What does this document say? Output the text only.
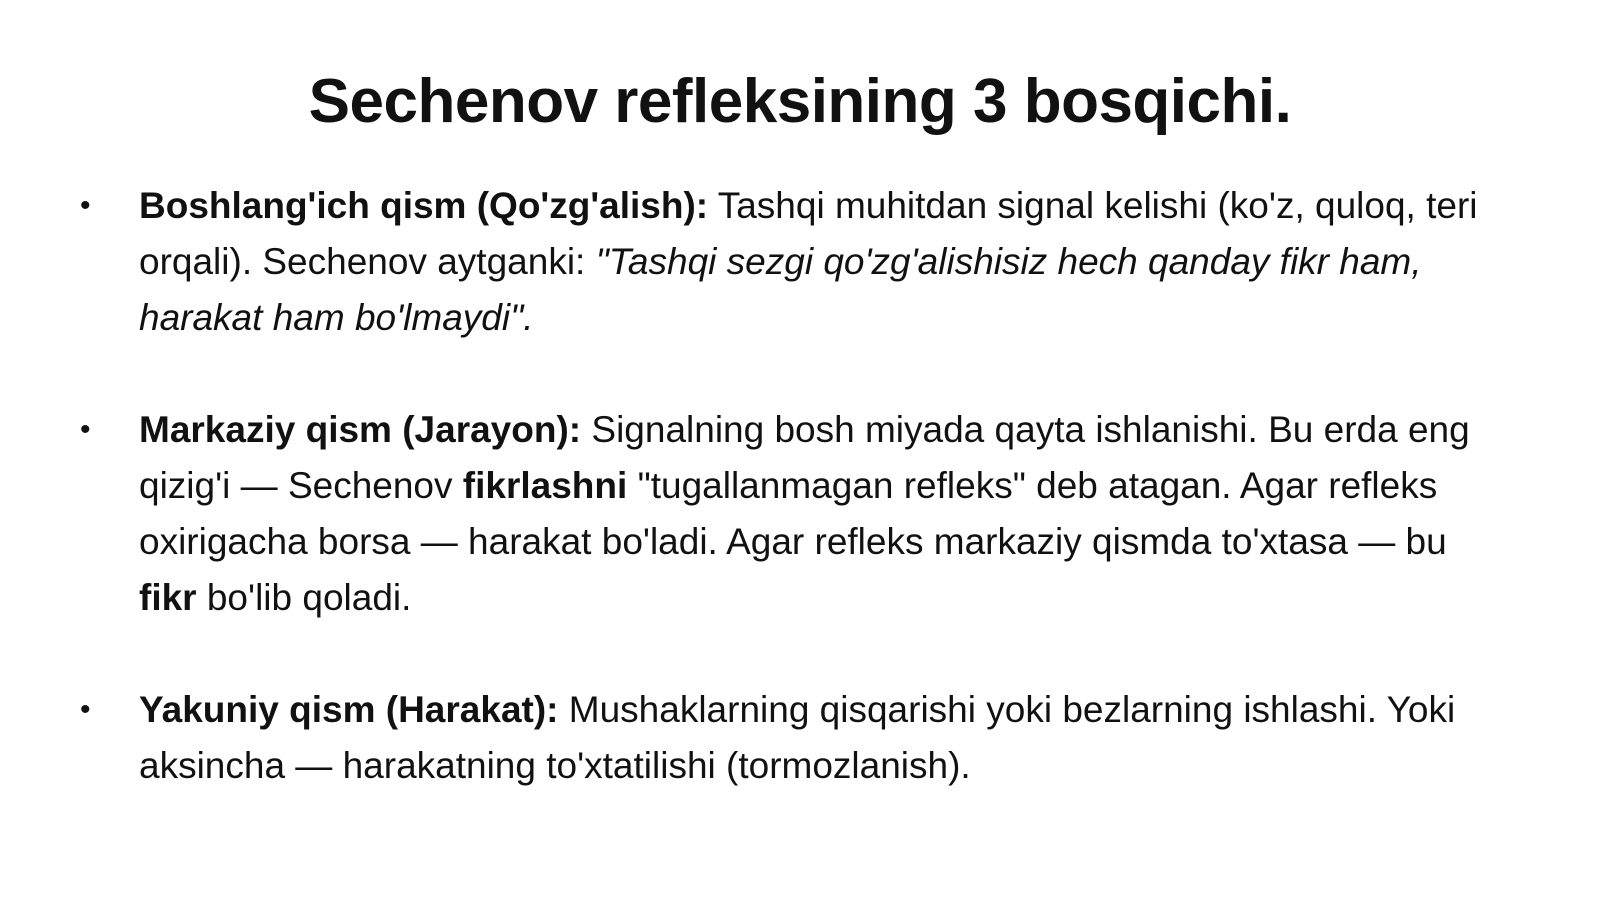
Sechenov refleksining 3 bosqichi.
• Boshlang'ich qism (Qo'zg'alish): Tashqi muhitdan signal kelishi (ko'z, quloq, teri orqali). Sechenov aytganki: "Tashqi sezgi qo'zg'alishisiz hech qanday fikr ham, harakat ham bo'lmaydi".
• Markaziy qism (Jarayon): Signalning bosh miyada qayta ishlanishi. Bu erda eng qizig'i — Sechenov fikrlashni "tugallanmagan refleks" deb atagan. Agar refleks oxirigacha borsa — harakat bo'ladi. Agar refleks markaziy qismda to'xtasa — bu fikr bo'lib qoladi.
• Yakuniy qism (Harakat): Mushaklarning qisqarishi yoki bezlarning ishlashi. Yoki aksincha — harakatning to'xtatilishi (tormozlanish).
